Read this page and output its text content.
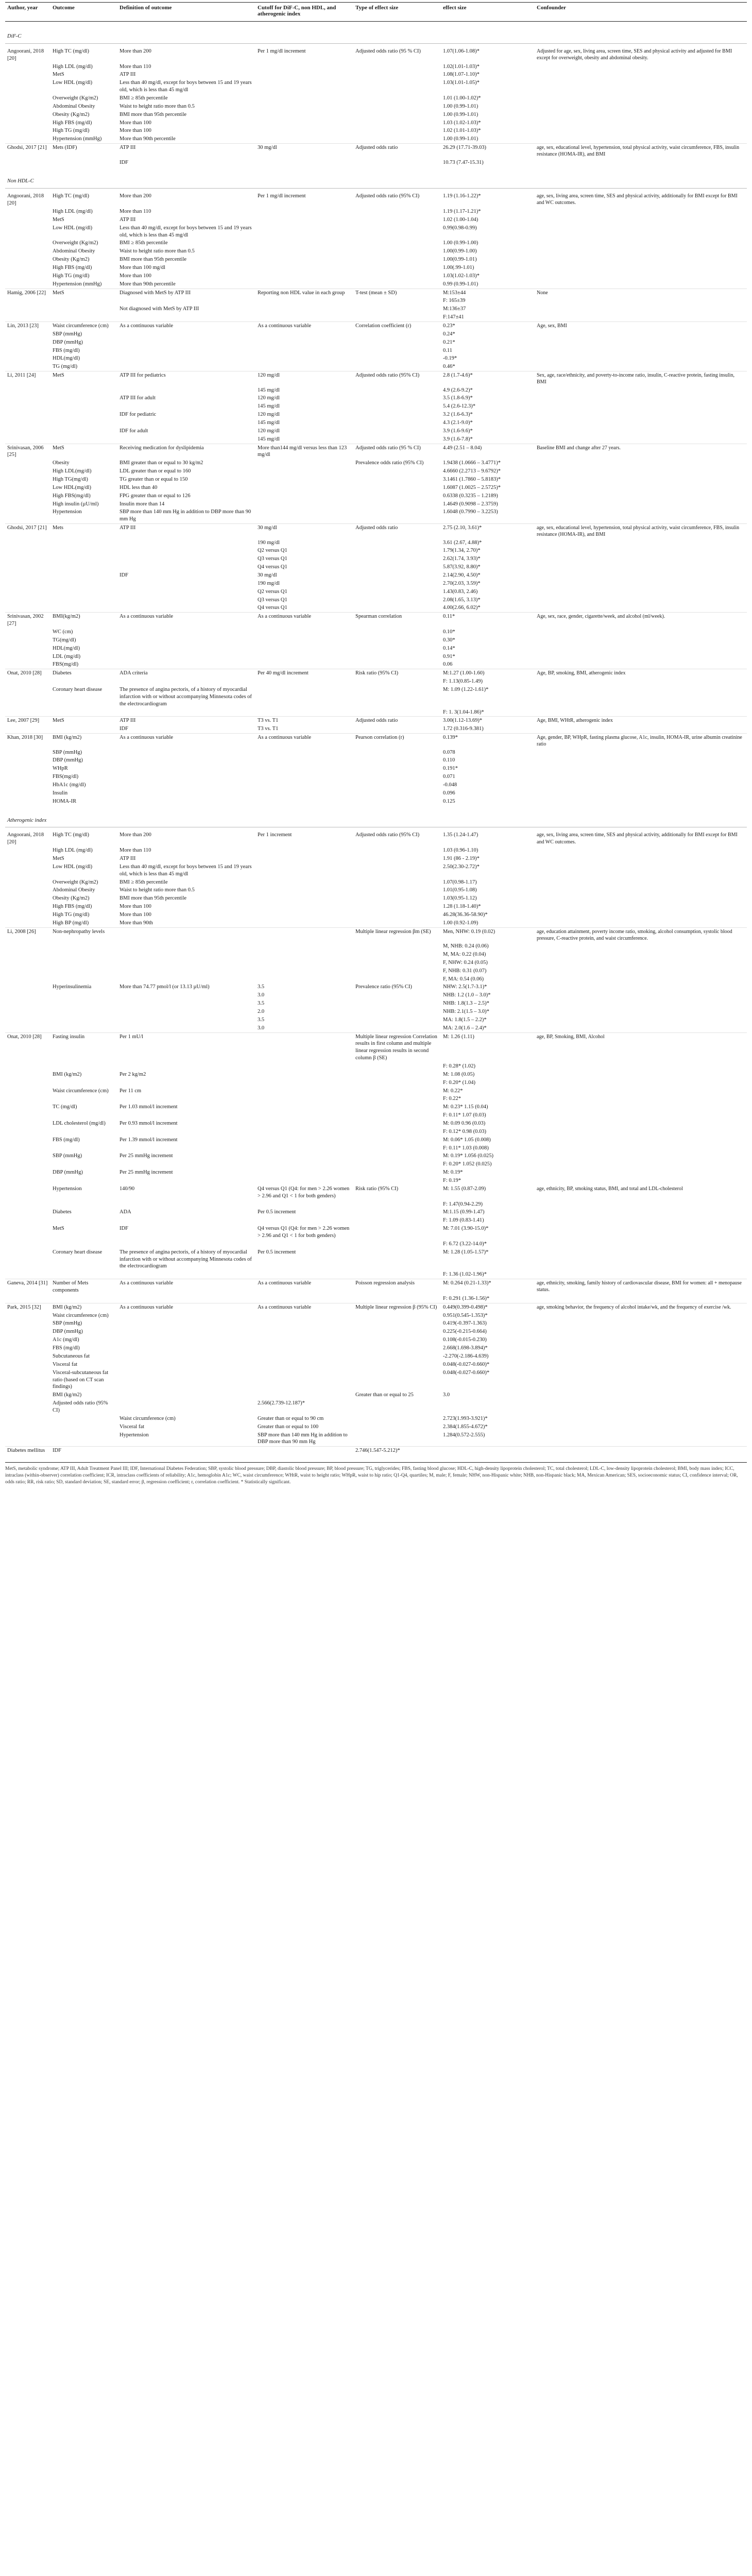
Author, year	Outcome	Definition of outcome	Cutoff for DiF-C, non HDL, and atherogenic index	Type of effect size	effect size	Confounder
DiF-C						
Angoorani, 2018 [20]	High TC (mg/dl)	More than 200	Per 1 mg/dl increment	Adjusted odds ratio (95 % CI)	1.07(1.06-1.08)*	Adjusted for age, sex, living area, screen time, SES and physical activity and adjusted for BMI except for overweight, obesity and abdominal obesity.
	High LDL (mg/dl)	More than 110			1.02(1.01-1.03)*	
	MetS	ATP III			1.08(1.07-1.10)*	
	Low HDL (mg/dl)	Less than 40 mg/dl, except for boys between 15 and 19 years old, which is less than 45 mg/dl			1.03(1.01-1.05)*	
	Overweight (Kg/m2)	BMI ≥ 85th percentile			1.01 (1.00-1.02)*	
	Abdominal Obesity	Waist to height ratio more than 0.5			1.00 (0.99-1.01)	
	Obesity (Kg/m2)	BMI more than 95th percentile			1.00 (0.99-1.01)	
	High FBS (mg/dl)	More than 100			1.03 (1.02-1.03)*	
	High TG (mg/dl)	More than 100			1.02 (1.01-1.03)*	
	Hypertension (mmHg)	More than 90th percentile			1.00 (0.99-1.01)	
Ghodsi, 2017 [21]	Mets (IDF)	ATP III	30 mg/dl	Adjusted odds ratio	26.29 (17.71-39.03)	age, sex, educational level, hypertension, total physical activity, waist circumference, FBS, insulin resistance (HOMA-IR), and BMI
		IDF			10.73 (7.47-15.31)	
Non HDL-C						
Angoorani, 2018 [20]	High TC (mg/dl)	More than 200	Per 1 mg/dl increment	Adjusted odds ratio (95% CI)	1.19 (1.16-1.22)*	age, sex, living area, screen time, SES and physical activity, additionally for BMI except for BMI and WC outcomes.
	High LDL (mg/dl)	More than 110			1.19 (1.17-1.21)*	
	MetS	ATP III			1.02 (1.00-1.04)	
	Low HDL (mg/dl)	Less than 40 mg/dl, except for boys between 15 and 19 years old, which is less than 45 mg/dl			0.99(0.98-0.99)	
	Overweight (Kg/m2)	BMI ≥ 85th percentile			1.00 (0.99-1.00)	
	Abdominal Obesity	Waist to height ratio more than 0.5			1.00(0.99-1.00)	
	Obesity (Kg/m2)	BMI more than 95th percentile			1.00(0.99-1.01)	
	High FBS (mg/dl)	More than 100 mg/dl			1.00(.99-1.01)	
	High TG (mg/dl)	More than 100			1.03(1.02-1.03)*	
	Hypertension (mmHg)	More than 90th percentile			0.99 (0.99-1.01)	
Hamig, 2006 [22]	MetS	Diagnosed with MetS by ATP III	Reporting non HDL value in each group	T-test (mean ± SD)	M:153±44	None
					F: 165±39	
		Not diagnosed with MetS by ATP III			M:136±37	
					F:147±41	
Lin, 2013 [23]	Waist circumference (cm)	As a continuous variable	As a continuous variable	Correlation coefficient (r)	0.23*	Age, sex, BMI
	SBP (mmHg)				0.24*	
	DBP (mmHg)				0.21*	
	FBS (mg/dl)				0.11	
	HDL(mg/dl)				-0.19*	
	TG (mg/dl)				0.46*	
Li, 2011 [24]	MetS	ATP III for pediatrics	120 mg/dl	Adjusted odds ratio (95% CI)	2.8 (1.7-4.6)*	Sex, age, race/ethnicity, and poverty-to-income ratio, insulin, C-reactive protein, fasting insulin, BMI
			145 mg/dl		4.9 (2.6-9.2)*	
		ATP III for adult	120 mg/dl		3.5 (1.8-6.9)*	
			145 mg/dl		5.4 (2.6-12.3)*	
		IDF for pediatric	120 mg/dl		3.2 (1.6-6.3)*	
			145 mg/dl		4.3 (2.1-9.0)*	
		IDF for adult	120 mg/dl		3.9 (1.6-9.6)*	
			145 mg/dl		3.9 (1.6-7.8)*	
Srinivasan, 2006 [25]	MetS	Receiving medication for dyslipidemia	More than144 mg/dl versus less than 123 mg/dl	Adjusted odds ratio (95 % CI)	4.49 (2.51 – 8.04)	Baseline BMI and change after 27 years.
	Obesity	BMI greater than or equal to 30 kg/m2		Prevalence odds ratio (95% CI)	1.9438 (1.0666 – 3.4771)*	
	High LDL(mg/dl)	LDL greater than or equal to 160			4.6660 (2.2713 – 9.6792)*	
	High TG(mg/dl)	TG greater than or equal to 150			3.1461 (1.7860 – 5.8183)*	
	Low HDL(mg/dl)	HDL less than 40			1.6087 (1.0025 – 2.5725)*	
	High FBS(mg/dl)	FPG greater than or equal to 126			0.6338 (0.3235 – 1.2189)	
	High insulin (µU/ml)	Insulin more than 14			1.4649 (0.9098 – 2.3759)	
	Hypertension	SBP more than 140 mm Hg in addition to DBP more than 90 mm Hg			1.6048 (0.7990 – 3.2253)	
Ghodsi, 2017 [21]	Mets	ATP III	30 mg/dl	Adjusted odds ratio	2.75 (2.10, 3.61)*	age, sex, educational level, hypertension, total physical activity, waist circumference, FBS, insulin resistance (HOMA-IR), and BMI
			190 mg/dl		3.61 (2.67, 4.88)*	
			Q2 versus Q1		1.79(1.34, 2.70)*	
			Q3 versus Q1		2.62(1.74, 3.93)*	
			Q4 versus Q1		5.87(3.92, 8.80)*	
		IDF	30 mg/dl		2.14(2.90, 4.50)*	
			190 mg/dl		2.70(2.03, 3.59)*	
			Q2 versus Q1		1.43(0.83, 2.46)	
			Q3 versus Q1		2.08(1.65, 3.13)*	
			Q4 versus Q1		4.00(2.66, 6.02)*	
Srinivasan, 2002 [27]	BMI(kg/m2)	As a continuous variable	As a continuous variable	Spearman correlation	0.11*	Age, sex, race, gender, cigarette/week, and alcohol (ml/week).
	WC (cm)				0.10*	
	TG(mg/dl)				0.30*	
	HDL(mg/dl)				0.14*	
	LDL (mg/dl)				0.91*	
	FBS(mg/dl)				0.06	
Onat, 2010 [28]	Diabetes	ADA criteria	Per 40 mg/dl increment	Risk ratio (95% CI)	M:1.27 (1.00-1.60)	Age, BP, smoking, BMI, atherogenic index
					F: 1.13(0.85-1.49)	
	Coronary heart disease	The presence of angina pectoris, of a history of myocardial infarction with or without accompanying Minnesota codes of the electrocardiogram			M: 1.09 (1.22-1.61)*	
					F: 1. 3(1.04-1.86)*	
Lee, 2007 [29]	MetS	ATP III	T3 vs. T1	Adjusted odds ratio	3.00(1.12-13.69)*	Age, BMI, WHtR, atherogenic index
		IDF	T3 vs. T1		1.72 (0.316-9.381)	
Khan, 2018 [30]	BMI (kg/m2)	As a continuous variable	As a continuous variable	Pearson correlation (r)	0.139*	Age, gender, BP, WHpR, fasting plasma glucose, A1c, insulin, HOMA-IR, urine albumin creatinine ratio
	SBP (mmHg)				0.078	
	DBP (mmHg)				0.110	
	WHpR				0.191*	
	FBS(mg/dl)				0.071	
	HbA1c (mg/dl)				-0.048	
	Insulin				0.096	
	HOMA-IR				0.125	
Atherogenic index						
Angoorani, 2018 [20]	High TC (mg/dl)	More than 200	Per 1 increment	Adjusted odds ratio (95% CI)	1.35 (1.24-1.47)	age, sex, living area, screen time, SES and physical activity, additionally for BMI except for BMI and WC outcomes.
	High LDL (mg/dl)	More than 110			1.03 (0.96-1.10)	
	MetS	ATP III			1.91 (86 - 2.19)*	
	Low HDL (mg/dl)	Less than 40 mg/dl, except for boys between 15 and 19 years old, which is less than 45 mg/dl			2.50(2.30-2.72)*	
	Overweight (Kg/m2)	BMI ≥ 85th percentile			1.07(0.98-1.17)	
	Abdominal Obesity	Waist to height ratio more than 0.5			1.01(0.95-1.08)	
	Obesity (Kg/m2)	BMI more than 95th percentile			1.03(0.95-1.12)	
	High FBS (mg/dl)	More than 100			1.28 (1.18-1.40)*	
	High TG (mg/dl)	More than 100			46.28(36.36-58.90)*	
	High BP (mg/dl)	More than 90th			1.00 (0.92-1.09)	
Li, 2008 [26]	Non-nephropathy levels			Multiple linear regression βm (SE)	Men, NHW: 0.19 (0.02)	age, education attainment, poverty income ratio, smoking, alcohol consumption, systolic blood pressure, C-reactive protein, and waist circumference.
					M, NHB: 0.24 (0.06)	
					M, MA: 0.22 (0.04)	
					F, NHW: 0.24 (0.05)	
					F, NHB: 0.31 (0.07)	
					F, MA: 0.54 (0.06)	
	Hyperinsulinemia	More than 74.77 pmol/l (or 13.13 µU/ml)	3.5	Prevalence ratio (95% CI)	NHW: 2.5(1.7-3.1)*	
			3.0		NHB: 1.2 (1.0 – 3.0)*	
			3.5		NHB: 1.8(1.3 – 2.5)*	
			2.0		NHB: 2.1(1.5 – 3.0)*	
			3.5		MA: 1.8(1.5 – 2.2)*	
			3.0		MA: 2.0(1.6 – 2.4)*	
Onat, 2010 [28]	Fasting insulin	Per 1 mU/l		Multiple linear regression Correlation results in first column and multiple linear regression results in second column β (SE)	M: 1.26 (1.11)	age, BP, Smoking, BMI, Alcohol
					F: 0.28* (1.02)	
	BMI (kg/m2)	Per 2 kg/m2			M: 1.08 (0.05)	
					F: 0.20* (1.04)	
	Waist circumference (cm)	Per 11 cm			M: 0.22*	
					F: 0.22*	
	TC (mg/dl)	Per 1.03 mmol/l increment			M: 0.23* 1.15 (0.04)	
					F: 0.11* 1.07 (0.03)	
	LDL cholesterol (mg/dl)	Per 0.93 mmol/l increment			M: 0.09 0.96 (0.03)	
					F: 0.12* 0.98 (0.03)	
	FBS (mg/dl)	Per 1.39 mmol/l increment			M: 0.06* 1.05 (0.008)	
					F: 0.11* 1.03 (0.008)	
	SBP (mmHg)	Per 25 mmHg increment			M: 0.19* 1.056 (0.025)	
					F: 0.20* 1.052 (0.025)	
	DBP (mmHg)	Per 25 mmHg increment			M: 0.19*	
					F: 0.19*	
	Hypertension	140/90	Q4 versus Q1 (Q4: for men > 2.26 women > 2.96 and Q1 < 1 for both genders)	Risk ratio (95% CI)	M: 1.55 (0.87-2.09)	age, ethnicity, BP, smoking status, BMI, and total and LDL-cholesterol
					F: 1.47(0.94-2.29)	
	Diabetes	ADA	Per 0.5 increment		M:1.15 (0.99-1.47)	
					F: 1.09 (0.83-1.41)	
	MetS	IDF	Q4 versus Q1 (Q4: for men > 2.26 women > 2.96 and Q1 < 1 for both genders)		M: 7.01 (3.90-15.0)*	
					F: 6.72 (3.22-14.0)*	
	Coronary heart disease	The presence of angina pectoris, of a history of myocardial infarction with or without accompanying Minnesota codes of the electrocardiogram	Per 0.5 increment		M: 1.28 (1.05-1.57)*	
					F: 1.36 (1.02-1.96)*	
Ganeva, 2014 [31]	Number of Mets components	As a continuous variable	As a continuous variable	Poisson regression analysis	M: 0.264 (0.21-1.33)*	age, ethnicity, smoking, family history of cardiovascular disease, BMI for women: all + menopause status.
					F: 0.291 (1.36-1.56)*	
Park, 2015 [32]	BMI (kg/m2)	As a continuous variable	As a continuous variable	Multiple linear regression β (95% CI)	0.449(0.399-0.498)*	age, smoking behavior, the frequency of alcohol intake/wk, and the frequency of exercise /wk.
	Waist circumference (cm)				0.951(0.545-1.353)*	
	SBP (mmHg)				0.419(-0.397-1.363)	
	DBP (mmHg)				0.225(-0.215-0.664)	
	A1c (mg/dl)				0.108(-0.015-0.230)	
	FBS (mg/dl)				2.668(1.698-3.894)*	
	Subcutaneous fat				-2.270(-2.186-4.639)	
	Visceral fat				0.048(-0.027-0.660)*	
	Visceral-subcutaneous fat ratio (based on CT scan findings)				0.048(-0.027-0.660)*	
	BMI (kg/m2)			Greater than or equal to 25	3.0	
	Adjusted odds ratio (95% CI)		2.566(2.739-12.187)*			
		Waist circumference (cm)	Greater than or equal to 90 cm		2.723(1.993-3.921)*	
		Visceral fat	Greater than or equal to 100		2.384(1.855-4.672)*	
		Hypertension	SBP more than 140 mm Hg in addition to DBP more than 90 mm Hg		1.284(0.572-2.555)	
Diabetes mellitus	IDF			2.746(1.547-5.212)*		
MetS, metabolic syndrome; ATP III, Adult Treatment Panel III; IDF, International Diabetes Federation; SBP, systolic blood pressure; DBP, diastolic blood pressure; BP, blood pressure; TG, triglycerides; FBS, fasting blood glucose; HDL-C, high-density lipoprotein cholesterol; TC, total cholesterol; LDL-C, low-density lipoprotein cholesterol; BMI, body mass index; ICC, intraclass (within-observer) correlation coefficient; ICR, intraclass coefficients of reliability; A1c, hemoglobin A1c; WC, waist circumference; WHtR, waist to height ratio; WHpR, waist to hip ratio; Q1-Q4, quartiles; M, male; F, female; NHW, non-Hispanic white; NHB, non-Hispanic black; MA, Mexican American; SES, socioeconomic status; CI, confidence interval; OR, odds ratio; RR, risk ratio; SD, standard deviation; SE, standard error; β, regression coefficient; r, correlation coefficient. * Statistically significant.
